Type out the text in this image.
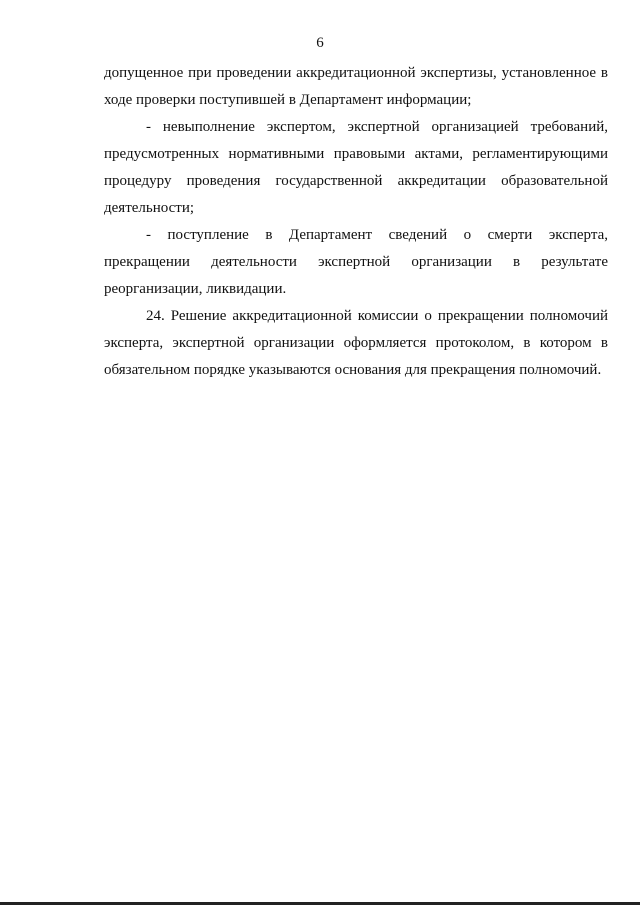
6

допущенное при проведении аккредитационной экспертизы, установленное в ходе проверки поступившей в Департамент информации;

- невыполнение экспертом, экспертной организацией требований, предусмотренных нормативными правовыми актами, регламентирующими процедуру проведения государственной аккредитации образовательной деятельности;

- поступление в Департамент сведений о смерти эксперта, прекращении деятельности экспертной организации в результате реорганизации, ликвидации.

24. Решение аккредитационной комиссии о прекращении полномочий эксперта, экспертной организации оформляется протоколом, в котором в обязательном порядке указываются основания для прекращения полномочий.
